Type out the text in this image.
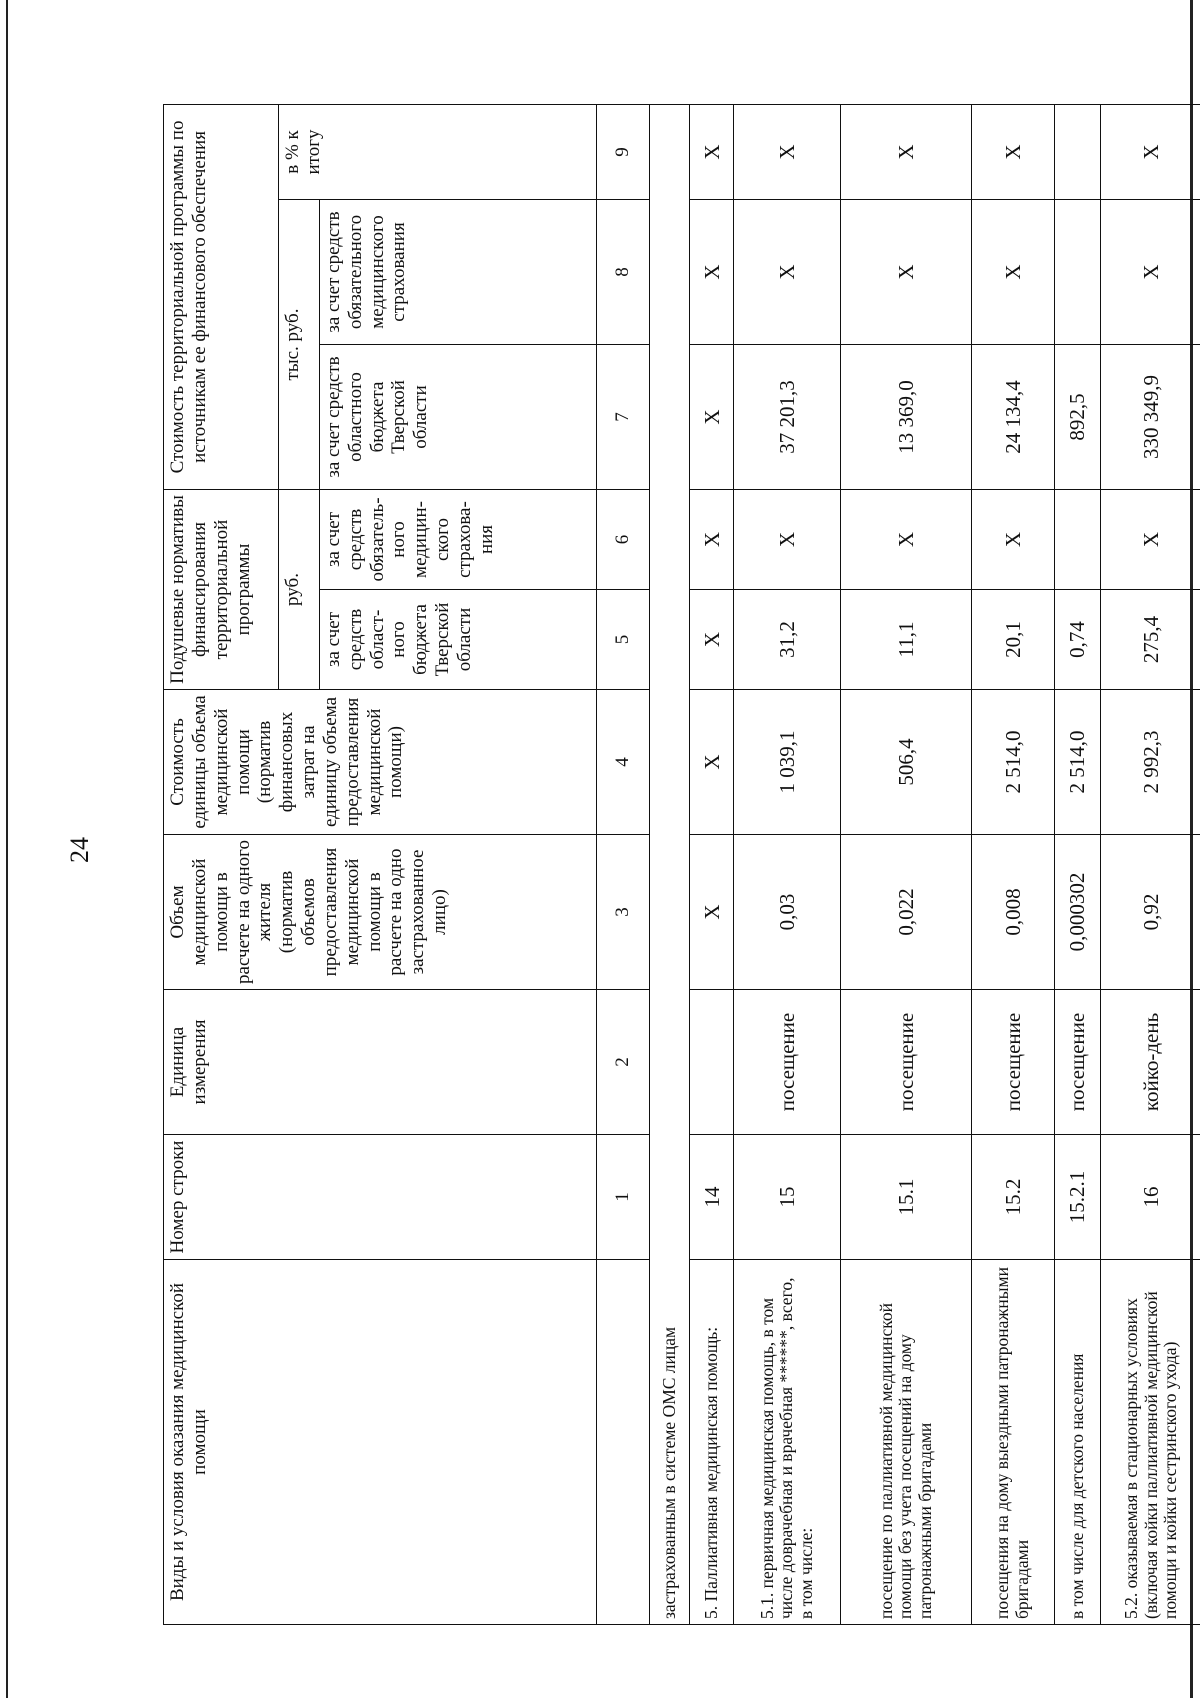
24
Виды и условия оказания медицинской помощи	Номер строки	Единица измерения	Объем медицинской помощи в расчете на одного жителя (норматив объемов предоставления медицинской помощи в расчете на одно застрахованное лицо)	Стоимость единицы объема медицинской помощи (норматив финансовых затрат на единицу объема предоставления медицинской помощи)	Подушевые нормативы финансирования территориальной программы		Стоимость территориальной программы по источникам ее финансового обеспечения		
					руб.		тыс. руб.		в % к итогу
					за счет средств област-ного бюджета Тверской области	за счет средств обязатель-ного медицин-ского страхова-ния	за счет средств областного бюджета Тверской области	за счет средств обязательного медицинского страхования	
	1	2	3	4	5	6	7	8	9
застрахованным в системе ОМС лицам									
5. Паллиативная медицинская помощь:	14		X	X	X	X	X	X	X
5.1. первичная медицинская помощь, в том числе доврачебная и врачебная ******, всего, в том числе:	15	посещение	0,03	1 039,1	31,2	X	37 201,3	X	X
посещение по паллиативной медицинской помощи без учета посещений на дому патронажными бригадами	15.1	посещение	0,022	506,4	11,1	X	13 369,0	X	X
посещения на дому выездными патронажными бригадами	15.2	посещение	0,008	2 514,0	20,1	X	24 134,4	X	X
в том числе для детского населения	15.2.1	посещение	0,000302	2 514,0	0,74		892,5		
5.2. оказываемая в стационарных условиях (включая койки паллиативной медицинской помощи и койки сестринского ухода)	16	койко-день	0,92	2 992,3	275,4	X	330 349,9	X	X
